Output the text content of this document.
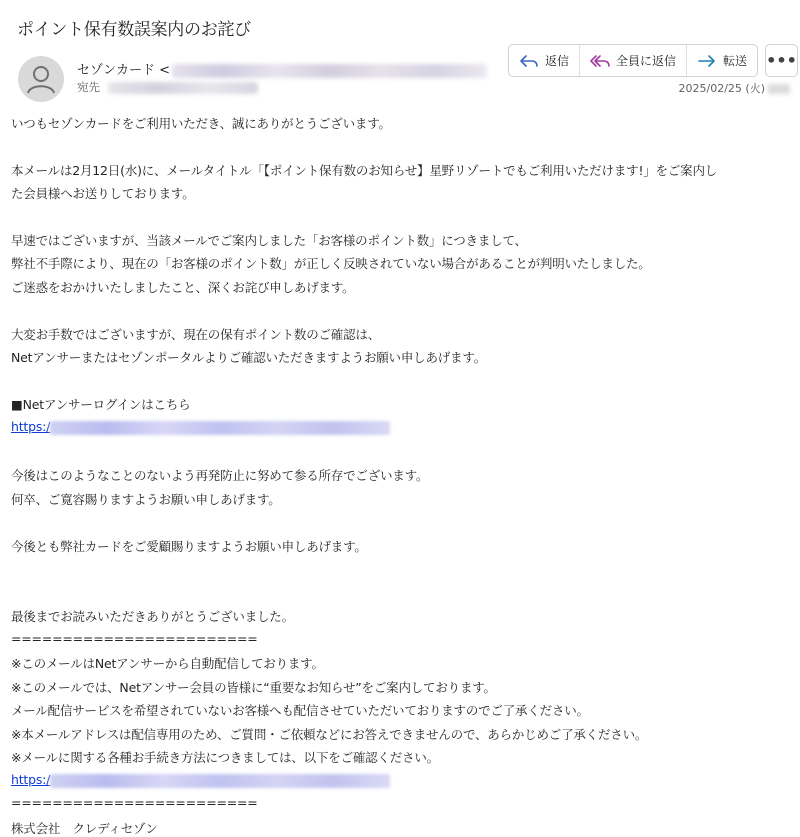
ポイント保有数誤案内のお詫び
セゾンカード <
宛先
返信	全員に返信	転送 •••
2025/02/25 (火)
いつもセゾンカードをご利用いただき、誠にありがとうございます。
本メールは2月12日(水)に、メールタイトル「【ポイント保有数のお知らせ】星野リゾートでもご利用いただけます!」をご案内し
た会員様へお送りしております。
早速ではございますが、当該メールでご案内しました「お客様のポイント数」につきまして、
弊社不手際により、現在の「お客様のポイント数」が正しく反映されていない場合があることが判明いたしました。
ご迷惑をおかけいたしましたこと、深くお詫び申しあげます。
大変お手数ではございますが、現在の保有ポイント数のご確認は、
Netアンサーまたはセゾンポータルよりご確認いただきますようお願い申しあげます。
■Netアンサーログインはこちら
https:/
今後はこのようなことのないよう再発防止に努めて参る所存でございます。
何卒、ご寛容賜りますようお願い申しあげます。
今後とも弊社カードをご愛顧賜りますようお願い申しあげます。
最後までお読みいただきありがとうございました。
========================
※このメールはNetアンサーから自動配信しております。
※このメールでは、Netアンサー会員の皆様に“重要なお知らせ”をご案内しております。
メール配信サービスを希望されていないお客様へも配信させていただいておりますのでご了承ください。
※本メールアドレスは配信専用のため、ご質問・ご依頼などにお答えできませんので、あらかじめご了承ください。
※メールに関する各種お手続き方法につきましては、以下をご確認ください。
https:/
========================
株式会社　クレディセゾン
